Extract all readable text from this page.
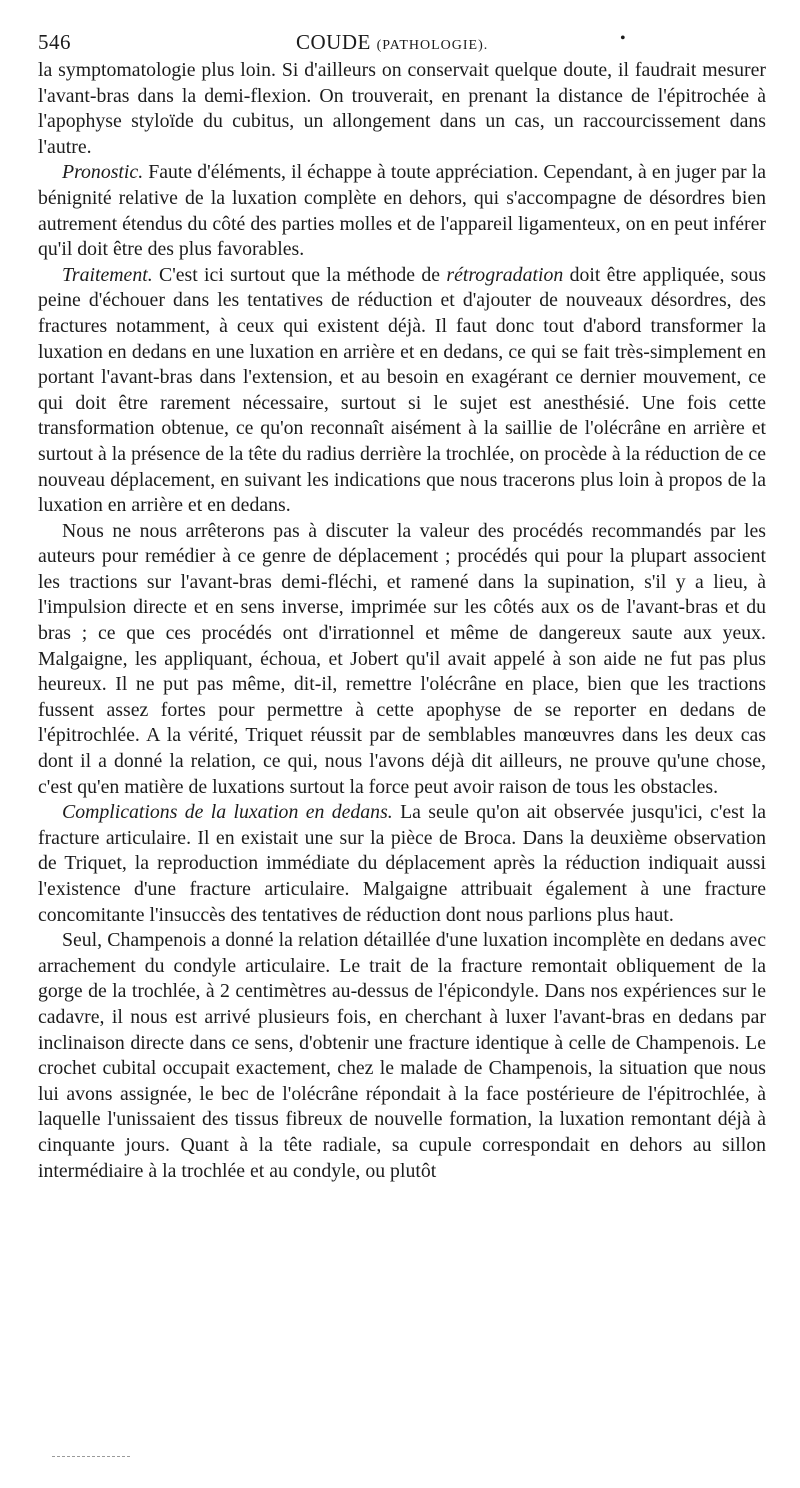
546	COUDE (PATHOLOGIE).	•

la symptomatologie plus loin. Si d'ailleurs on conservait quelque doute, il faudrait mesurer l'avant-bras dans la demi-flexion. On trouverait, en prenant la distance de l'épitrochée à l'apophyse styloïde du cubitus, un allongement dans un cas, un raccourcissement dans l'autre.

Pronostic. Faute d'éléments, il échappe à toute appréciation. Cependant, à en juger par la bénignité relative de la luxation complète en dehors, qui s'accompagne de désordres bien autrement étendus du côté des parties molles et de l'appareil ligamenteux, on en peut inférer qu'il doit être des plus favorables.

Traitement. C'est ici surtout que la méthode de rétrogradation doit être appliquée, sous peine d'échouer dans les tentatives de réduction et d'ajouter de nouveaux désordres, des fractures notamment, à ceux qui existent déjà. Il faut donc tout d'abord transformer la luxation en dedans en une luxation en arrière et en dedans, ce qui se fait très-simplement en portant l'avant-bras dans l'extension, et au besoin en exagérant ce dernier mouvement, ce qui doit être rarement nécessaire, surtout si le sujet est anesthésié. Une fois cette transformation obtenue, ce qu'on reconnaît aisément à la saillie de l'olécrâne en arrière et surtout à la présence de la tête du radius derrière la trochlée, on procède à la réduction de ce nouveau déplacement, en suivant les indications que nous tracerons plus loin à propos de la luxation en arrière et en dedans.

Nous ne nous arrêterons pas à discuter la valeur des procédés recommandés par les auteurs pour remédier à ce genre de déplacement ; procédés qui pour la plupart associent les tractions sur l'avant-bras demi-fléchi, et ramené dans la supination, s'il y a lieu, à l'impulsion directe et en sens inverse, imprimée sur les côtés aux os de l'avant-bras et du bras ; ce que ces procédés ont d'irrationnel et même de dangereux saute aux yeux. Malgaigne, les appliquant, échoua, et Jobert qu'il avait appelé à son aide ne fut pas plus heureux. Il ne put pas même, dit-il, remettre l'olécrâne en place, bien que les tractions fussent assez fortes pour permettre à cette apophyse de se reporter en dedans de l'épitrochlée. A la vérité, Triquet réussit par de semblables manœuvres dans les deux cas dont il a donné la relation, ce qui, nous l'avons déjà dit ailleurs, ne prouve qu'une chose, c'est qu'en matière de luxations surtout la force peut avoir raison de tous les obstacles.

Complications de la luxation en dedans. La seule qu'on ait observée jusqu'ici, c'est la fracture articulaire. Il en existait une sur la pièce de Broca. Dans la deuxième observation de Triquet, la reproduction immédiate du déplacement après la réduction indiquait aussi l'existence d'une fracture articulaire. Malgaigne attribuait également à une fracture concomitante l'insuccès des tentatives de réduction dont nous parlions plus haut.

Seul, Champenois a donné la relation détaillée d'une luxation incomplète en dedans avec arrachement du condyle articulaire. Le trait de la fracture remontait obliquement de la gorge de la trochlée, à 2 centimètres au-dessus de l'épicondyle. Dans nos expériences sur le cadavre, il nous est arrivé plusieurs fois, en cherchant à luxer l'avant-bras en dedans par inclinaison directe dans ce sens, d'obtenir une fracture identique à celle de Champenois. Le crochet cubital occupait exactement, chez le malade de Champenois, la situation que nous lui avons assignée, le bec de l'olécrâne répondait à la face postérieure de l'épitrochlée, à laquelle l'unissaient des tissus fibreux de nouvelle formation, la luxation remontant déjà à cinquante jours. Quant à la tête radiale, sa cupule correspondait en dehors au sillon intermédiaire à la trochlée et au condyle, ou plutôt
